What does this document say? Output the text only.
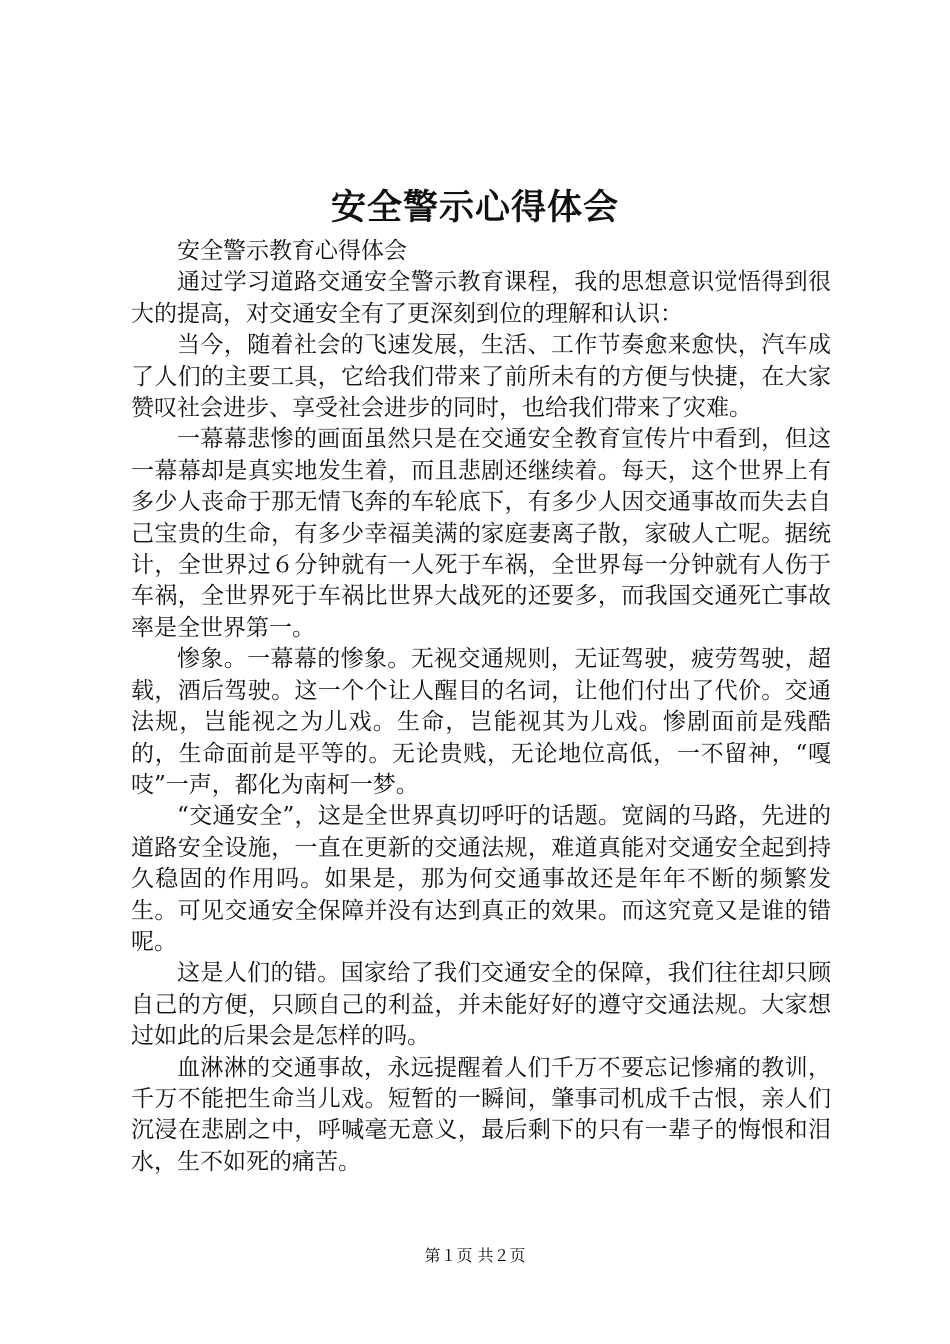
安全警示心得体会

安全警示教育心得体会

通过学习道路交通安全警示教育课程，我的思想意识觉悟得到很大的提高，对交通安全有了更深刻到位的理解和认识：

当今，随着社会的飞速发展，生活、工作节奏愈来愈快，汽车成了人们的主要工具，它给我们带来了前所未有的方便与快捷，在大家赞叹社会进步、享受社会进步的同时，也给我们带来了灾难。

一幕幕悲惨的画面虽然只是在交通安全教育宣传片中看到，但这一幕幕却是真实地发生着，而且悲剧还继续着。每天，这个世界上有多少人丧命于那无情飞奔的车轮底下，有多少人因交通事故而失去自己宝贵的生命，有多少幸福美满的家庭妻离子散，家破人亡呢。据统计，全世界过６分钟就有一人死于车祸，全世界每一分钟就有人伤于车祸，全世界死于车祸比世界大战死的还要多，而我国交通死亡事故率是全世界第一。

惨象。一幕幕的惨象。无视交通规则，无证驾驶，疲劳驾驶，超载，酒后驾驶。这一个个让人醒目的名词，让他们付出了代价。交通法规，岂能视之为儿戏。生命，岂能视其为儿戏。惨剧面前是残酷的，生命面前是平等的。无论贵贱，无论地位高低，一不留神，“嘎吱”一声，都化为南柯一梦。

“交通安全”，这是全世界真切呼吁的话题。宽阔的马路，先进的道路安全设施，一直在更新的交通法规，难道真能对交通安全起到持久稳固的作用吗。如果是，那为何交通事故还是年年不断的频繁发生。可见交通安全保障并没有达到真正的效果。而这究竟又是谁的错呢。

这是人们的错。国家给了我们交通安全的保障，我们往往却只顾自己的方便，只顾自己的利益，并未能好好的遵守交通法规。大家想过如此的后果会是怎样的吗。

血淋淋的交通事故，永远提醒着人们千万不要忘记惨痛的教训，千万不能把生命当儿戏。短暂的一瞬间，肇事司机成千古恨，亲人们沉浸在悲剧之中，呼喊毫无意义，最后剩下的只有一辈子的悔恨和泪水，生不如死的痛苦。

第１页 共２页
